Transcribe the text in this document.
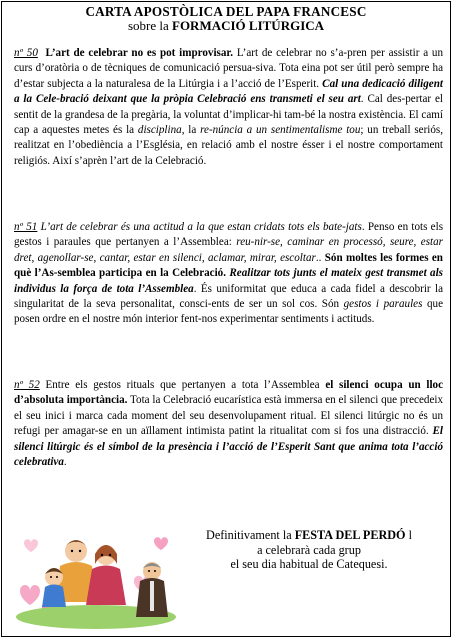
CARTA APOSTÒLICA DEL PAPA FRANCESC
sobre la FORMACIÓ LITÚRGICA
nº 50 L’art de celebrar no es pot improvisar. L’art de celebrar no s’a-pren per assistir a un curs d’oratòria o de tècniques de comunicació persua-siva. Tota eina pot ser útil però sempre ha d’estar subjecta a la naturalesa de la Litúrgia i a l’acció de l’Esperit. Cal una dedicació diligent a la Cele-bració deixant que la pròpia Celebració ens transmeti el seu art. Cal des-pertar el sentit de la grandesa de la pregària, la voluntat d’implicar-hi tam-bé la nostra existència. El camí cap a aquestes metes és la disciplina, la re-núncia a un sentimentalisme tou; un treball seriós, realitzat en l’obediència a l’Església, en relació amb el nostre ésser i el nostre comportament religiós. Així s’aprèn l’art de la Celebració.
nº 51 L’art de celebrar és una actitud a la que estan cridats tots els bate-jats. Penso en tots els gestos i paraules que pertanyen a l’Assemblea: reu-nir-se, caminar en processó, seure, estar dret, agenollar-se, cantar, estar en silenci, aclamar, mirar, escoltar.. Són moltes les formes en què l’As-semblea participa en la Celebració. Realitzar tots junts el mateix gest transmet als individus la força de tota l’Assemblea. És uniformitat que educa a cada fidel a descobrir la singularitat de la seva personalitat, consci-ents de ser un sol cos. Són gestos i paraules que posen ordre en el nostre món interior fent-nos experimentar sentiments i actituds.
nº 52 Entre els gestos rituals que pertanyen a tota l’Assemblea el silenci ocupa un lloc d’absoluta importància. Tota la Celebració eucarística està immersa en el silenci que precedeix el seu inici i marca cada moment del seu desenvolupament ritual. El silenci litúrgic no és un refugi per amagar-se en un aïllament intimista patint la ritualitat com si fos una distracció. El silenci litúrgic és el símbol de la presència i l’acció de l’Esperit Sant que anima tota l’acció celebrativa.
Definitivament la FESTA DEL PERDÓ l
a celebrarà cada grup
el seu dia habitual de Catequesi.
